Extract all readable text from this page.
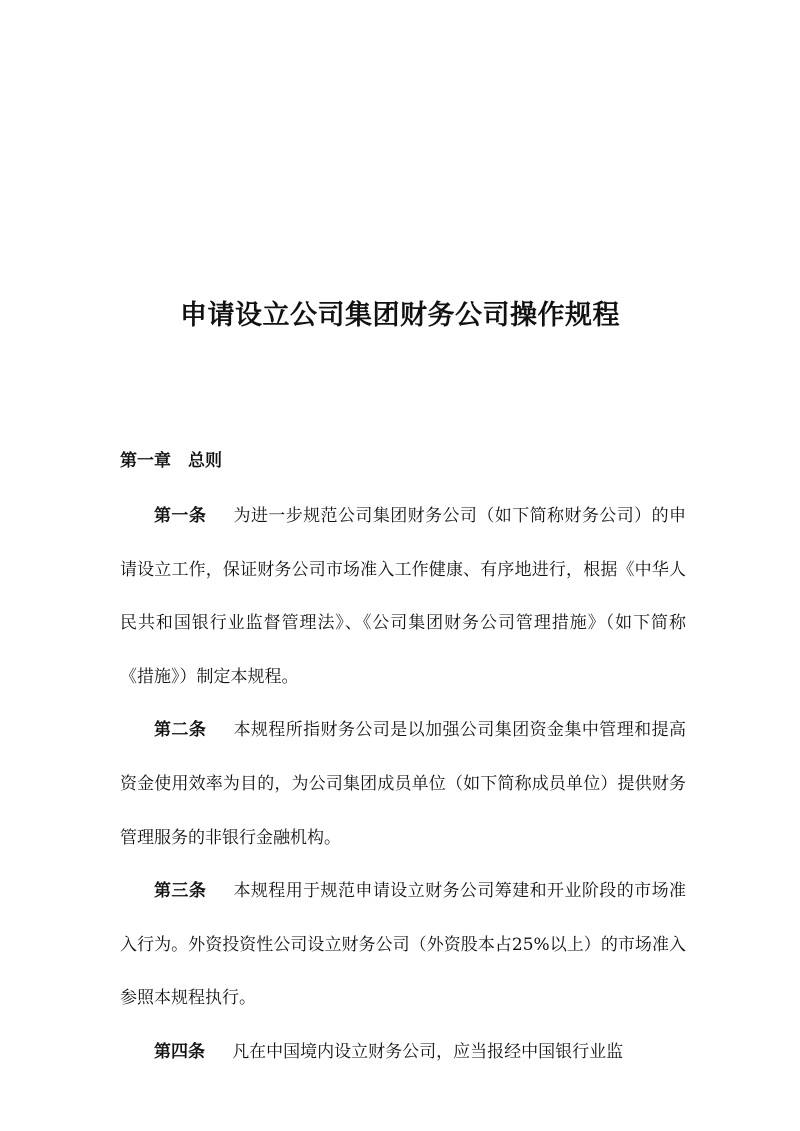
申请设立公司集团财务公司操作规程
第一章　总则

第一条 为进一步规范公司集团财务公司（如下简称财务公司）的申请设立工作，保证财务公司市场准入工作健康、有序地进行，根据《中华人民共和国银行业监督管理法》、《公司集团财务公司管理措施》（如下简称《措施》）制定本规程。

第二条 本规程所指财务公司是以加强公司集团资金集中管理和提高资金使用效率为目的，为公司集团成员单位（如下简称成员单位）提供财务管理服务的非银行金融机构。

第三条 本规程用于规范申请设立财务公司筹建和开业阶段的市场准入行为。外资投资性公司设立财务公司（外资股本占25%以上）的市场准入参照本规程执行。

第四条 凡在中国境内设立财务公司，应当报经中国银行业监
